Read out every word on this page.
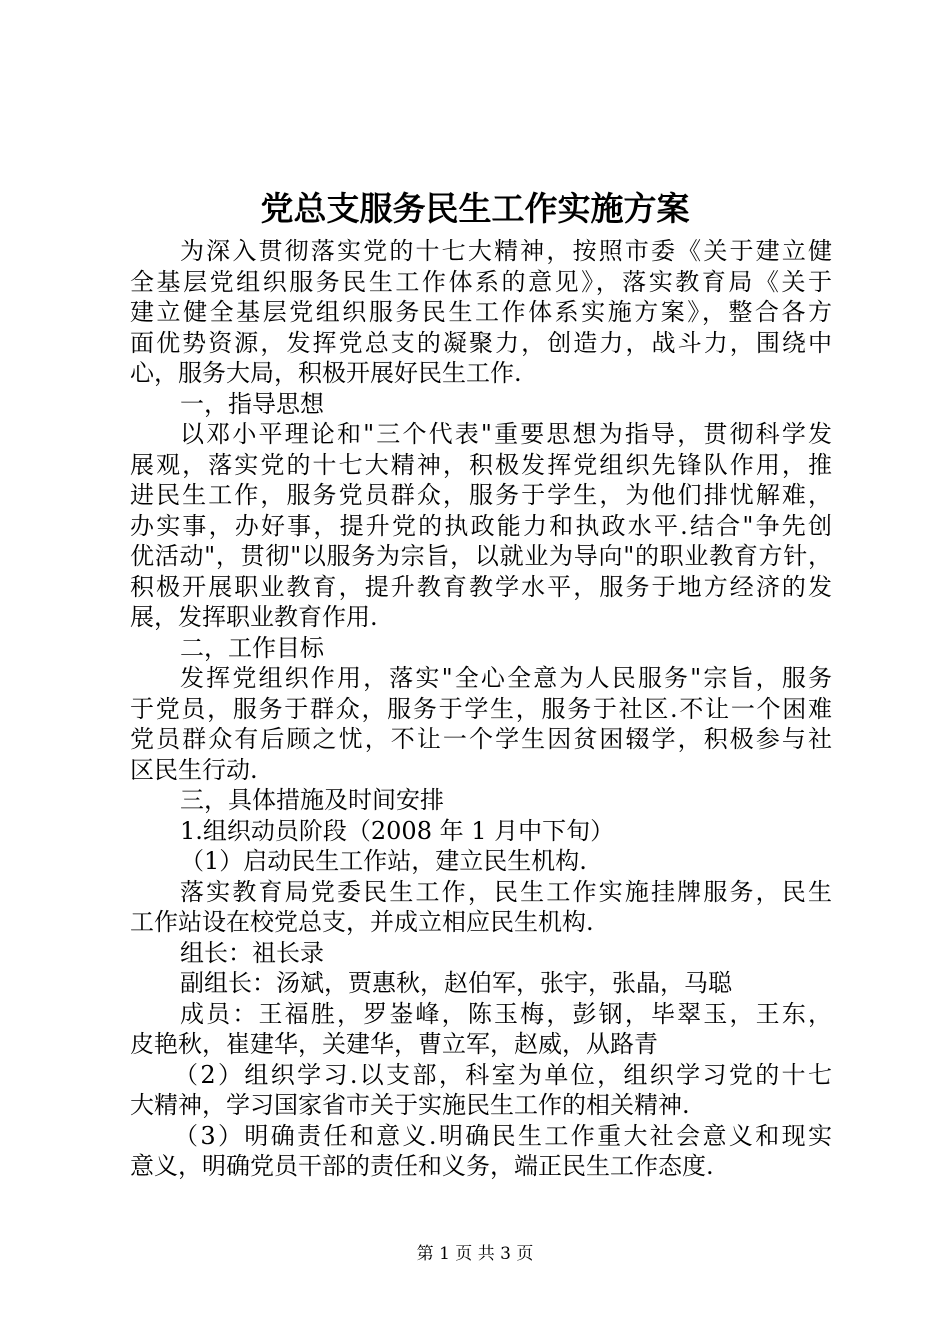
党总支服务民生工作实施方案
为深入贯彻落实党的十七大精神，按照市委《关于建立健
全基层党组织服务民生工作体系的意见》，落实教育局《关于
建立健全基层党组织服务民生工作体系实施方案》，整合各方
面优势资源，发挥党总支的凝聚力，创造力，战斗力，围绕中
心，服务大局，积极开展好民生工作.
一，指导思想
以邓小平理论和"三个代表"重要思想为指导，贯彻科学发
展观，落实党的十七大精神，积极发挥党组织先锋队作用，推
进民生工作，服务党员群众，服务于学生，为他们排忧解难，
办实事，办好事，提升党的执政能力和执政水平.结合"争先创
优活动"，贯彻"以服务为宗旨，以就业为导向"的职业教育方针，
积极开展职业教育，提升教育教学水平，服务于地方经济的发
展，发挥职业教育作用.
二，工作目标
发挥党组织作用，落实"全心全意为人民服务"宗旨，服务
于党员，服务于群众，服务于学生，服务于社区.不让一个困难
党员群众有后顾之忧，不让一个学生因贫困辍学，积极参与社
区民生行动.
三，具体措施及时间安排
1.组织动员阶段（2008 年 1 月中下旬）
（1）启动民生工作站，建立民生机构.
落实教育局党委民生工作，民生工作实施挂牌服务，民生
工作站设在校党总支，并成立相应民生机构.
组长：祖长录
副组长：汤斌，贾惠秋，赵伯军，张宇，张晶，马聪
成员：王福胜，罗崟峰，陈玉梅，彭钢，毕翠玉，王东，
皮艳秋，崔建华，关建华，曹立军，赵威，从路青
（2）组织学习.以支部，科室为单位，组织学习党的十七
大精神，学习国家省市关于实施民生工作的相关精神.
（3）明确责任和意义.明确民生工作重大社会意义和现实
意义，明确党员干部的责任和义务，端正民生工作态度.
第 1 页 共 3 页
